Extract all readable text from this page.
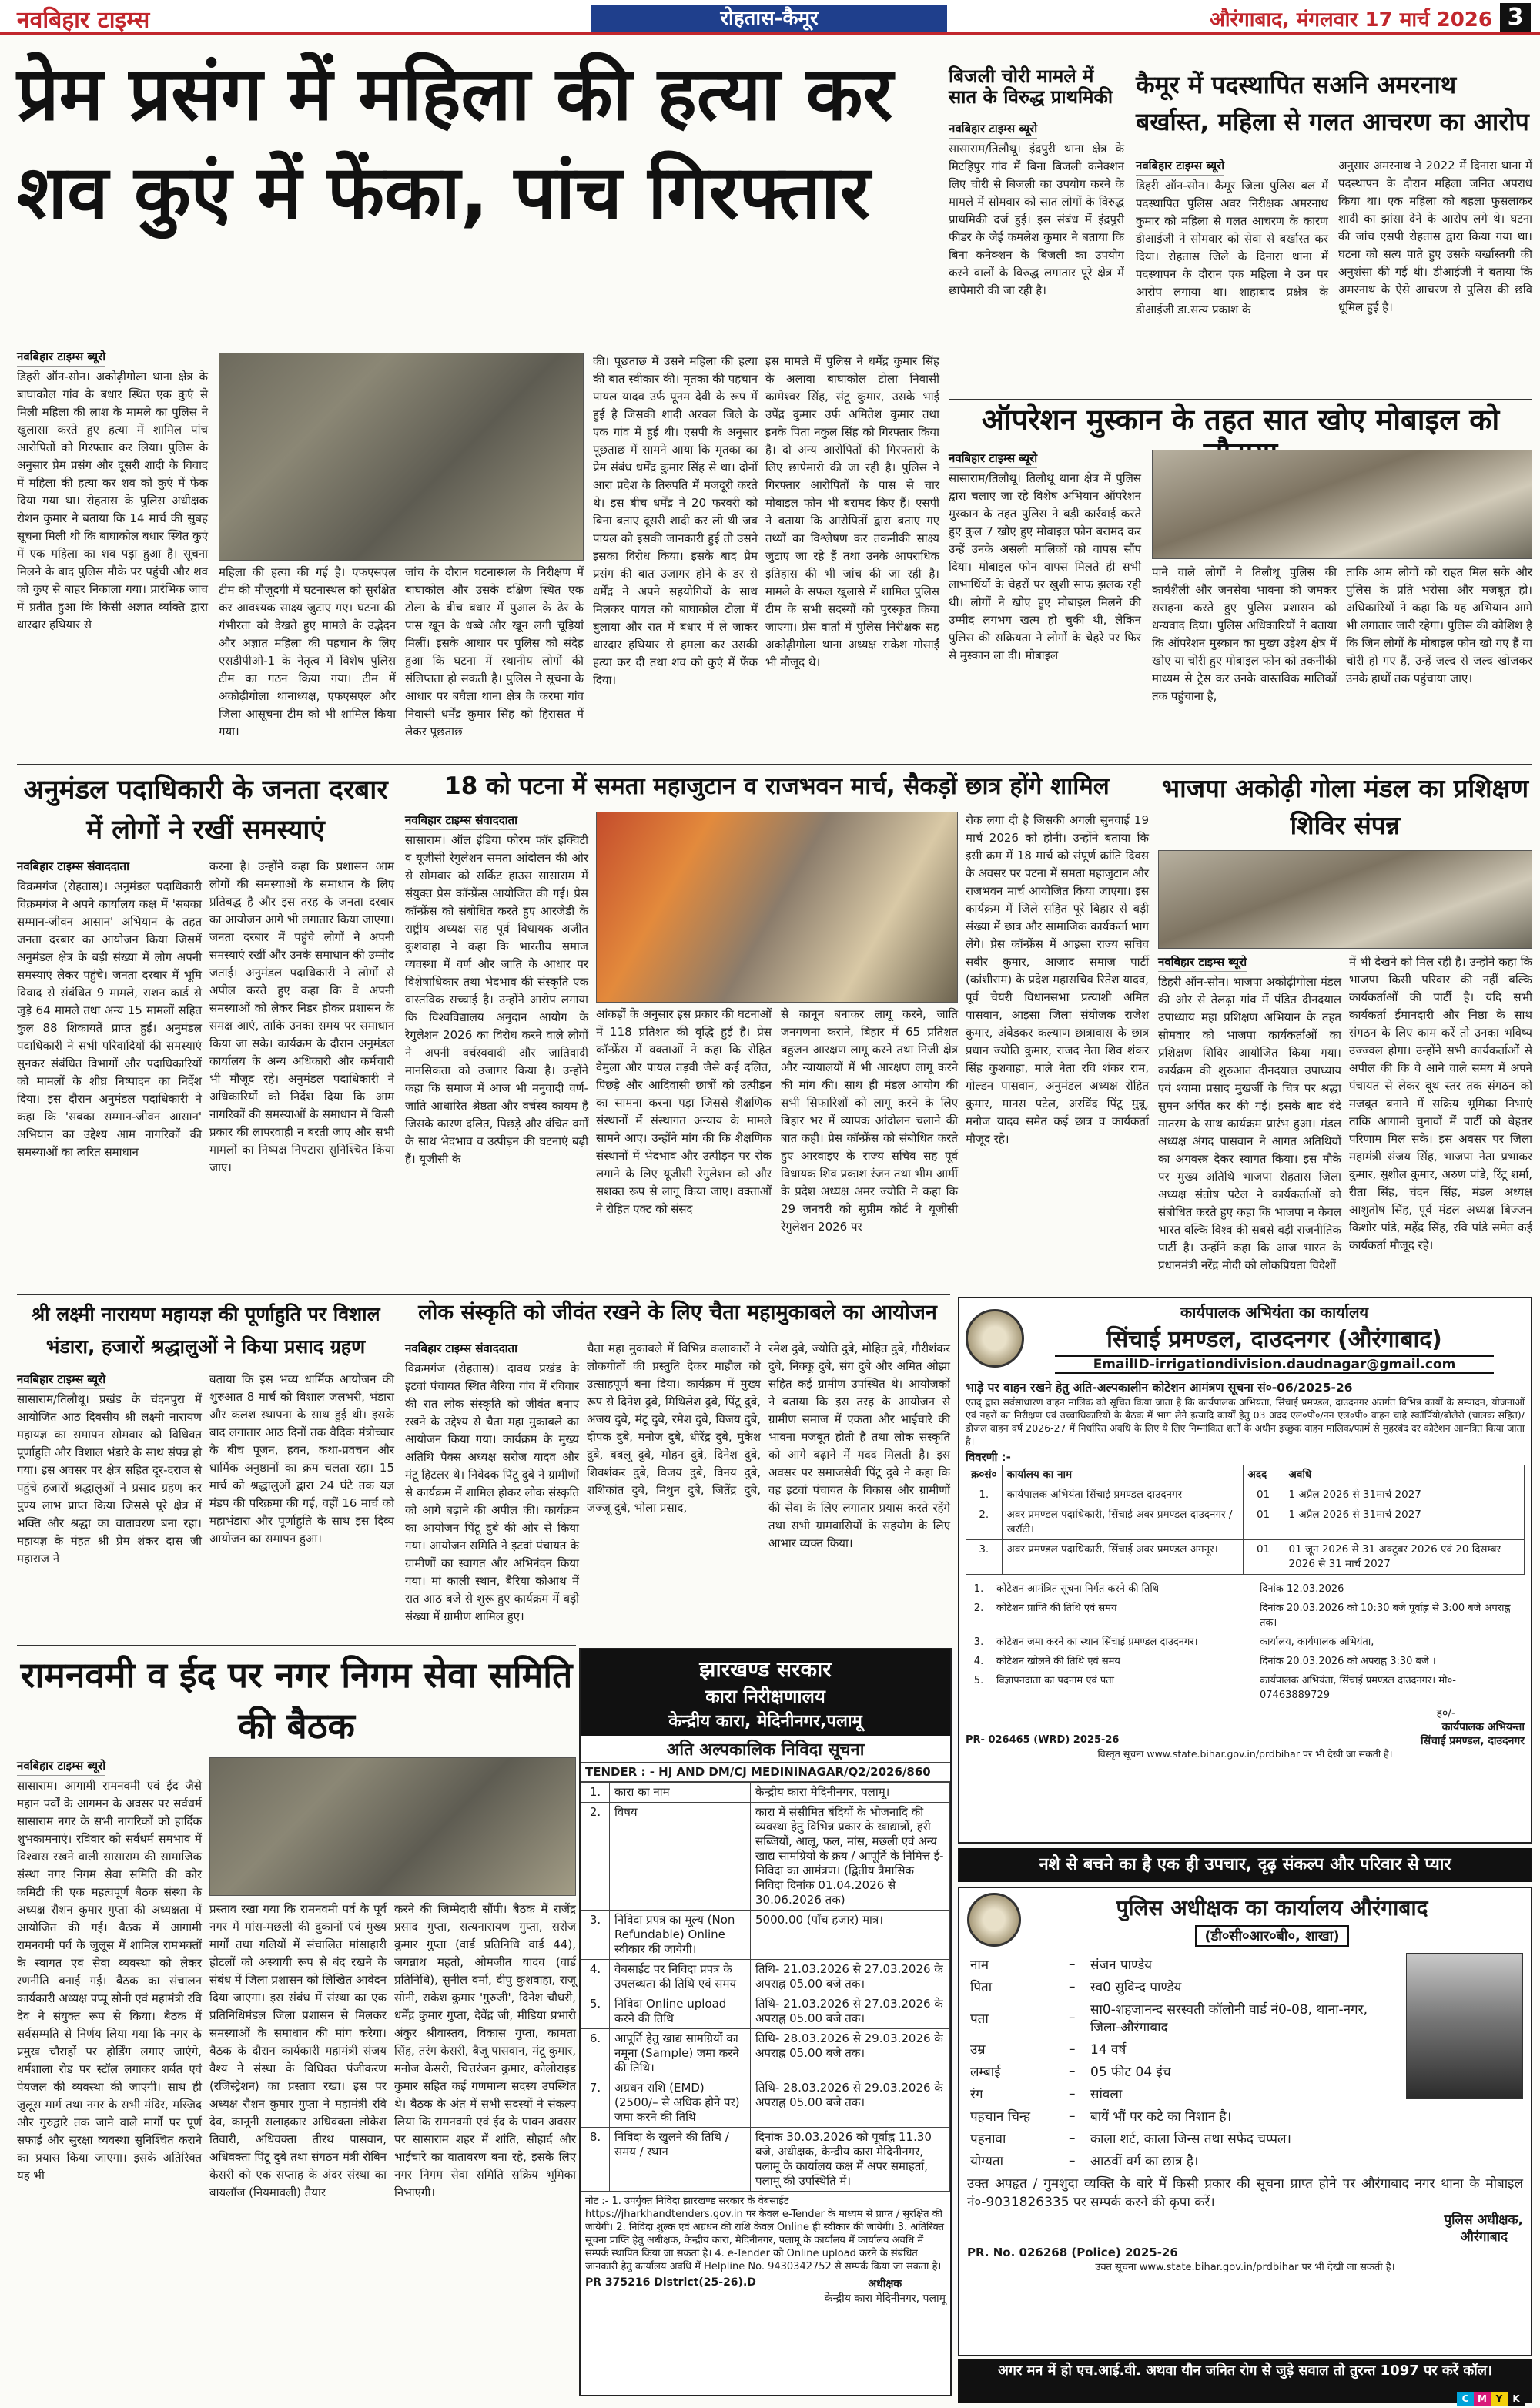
नवबिहार टाइम्स	रोहतास-कैमूर	औरंगाबाद, मंगलवार 17 मार्च 2026 3
प्रेम प्रसंग में महिला की हत्या कर शव कुएं में फेंका, पांच गिरफ्तार
नवबिहार टाइम्स ब्यूरो
डिहरी ऑन-सोन। अकोढ़ीगोला थाना क्षेत्र के बाघाकोल गांव के बधार स्थित एक कुएं से मिली महिला की लाश के मामले का पुलिस ने खुलासा करते हुए हत्या में शामिल पांच आरोपितों को गिरफ्तार कर लिया। पुलिस के अनुसार प्रेम प्रसंग और दूसरी शादी के विवाद में महिला की हत्या कर शव को कुएं में फेंक दिया गया था। रोहतास के पुलिस अधीक्षक रोशन कुमार ने बताया कि 14 मार्च की सुबह सूचना मिली थी कि बाघाकोल बधार स्थित कुएं में एक महिला का शव पड़ा हुआ है। सूचना मिलने के बाद पुलिस मौके पर पहुंची और शव को कुएं से बाहर निकाला गया। प्रारंभिक जांच में प्रतीत हुआ कि किसी अज्ञात व्यक्ति द्वारा धारदार हथियार से
महिला की हत्या की गई है। एफएसएल टीम की मौजूदगी में घटनास्थल को सुरक्षित कर आवश्यक साक्ष्य जुटाए गए। घटना की गंभीरता को देखते हुए मामले के उद्भेदन और अज्ञात महिला की पहचान के लिए एसडीपीओ-1 के नेतृत्व में विशेष पुलिस टीम का गठन किया गया। टीम में अकोढ़ीगोला थानाध्यक्ष, एफएसएल और जिला आसूचना टीम को भी शामिल किया गया।
जांच के दौरान घटनास्थल के निरीक्षण में बाघाकोल और उसके दक्षिण स्थित एक टोला के बीच बधार में पुआल के ढेर के पास खून के धब्बे और खून लगी चूड़ियां मिलीं। इसके आधार पर पुलिस को संदेह हुआ कि घटना में स्थानीय लोगों की संलिप्तता हो सकती है। पुलिस ने सूचना के आधार पर बघैला थाना क्षेत्र के करमा गांव निवासी धर्मेंद्र कुमार सिंह को हिरासत में लेकर पूछताछ
की। पूछताछ में उसने महिला की हत्या की बात स्वीकार की। मृतका की पहचान पायल यादव उर्फ पूनम देवी के रूप में हुई है जिसकी शादी अरवल जिले के एक गांव में हुई थी। एसपी के अनुसार पूछताछ में सामने आया कि मृतका का प्रेम संबंध धर्मेंद्र कुमार सिंह से था। दोनों आरा प्रदेश के तिरुपति में मजदूरी करते थे। इस बीच धर्मेंद्र ने 20 फरवरी को बिना बताए दूसरी शादी कर ली थी जब पायल को इसकी जानकारी हुई तो उसने इसका विरोध किया। इसके बाद प्रेम प्रसंग की बात उजागर होने के डर से धर्मेंद्र ने अपने सहयोगियों के साथ मिलकर पायल को बाघाकोल टोला में बुलाया और रात में बधार में ले जाकर धारदार हथियार से हमला कर उसकी हत्या कर दी तथा शव को कुएं में फेंक दिया।
इस मामले में पुलिस ने धर्मेंद्र कुमार सिंह के अलावा बाघाकोल टोला निवासी कामेश्वर सिंह, संटू कुमार, उसके भाई उपेंद्र कुमार उर्फ अमितेश कुमार तथा इनके पिता नकुल सिंह को गिरफ्तार किया है। दो अन्य आरोपितों की गिरफ्तारी के लिए छापेमारी की जा रही है। पुलिस ने गिरफ्तार आरोपितों के पास से चार मोबाइल फोन भी बरामद किए हैं। एसपी ने बताया कि आरोपितों द्वारा बताए गए तथ्यों का विश्लेषण कर तकनीकी साक्ष्य जुटाए जा रहे हैं तथा उनके आपराधिक इतिहास की भी जांच की जा रही है। मामले के सफल खुलासे में शामिल पुलिस टीम के सभी सदस्यों को पुरस्कृत किया जाएगा। प्रेस वार्ता में पुलिस निरीक्षक सह अकोढ़ीगोला थाना अध्यक्ष राकेश गोसाईं भी मौजूद थे।
बिजली चोरी मामले में सात के विरुद्ध प्राथमिकी
नवबिहार टाइम्स ब्यूरो
सासाराम/तिलौथू। इंद्रपुरी थाना क्षेत्र के मिटहिपुर गांव में बिना बिजली कनेक्शन लिए चोरी से बिजली का उपयोग करने के मामले में सोमवार को सात लोगों के विरुद्ध प्राथमिकी दर्ज हुई। इस संबंध में इंद्रपुरी फीडर के जेई कमलेश कुमार ने बताया कि बिना कनेक्शन के बिजली का उपयोग करने वालों के विरुद्ध लगातार पूरे क्षेत्र में छापेमारी की जा रही है।
कैमूर में पदस्थापित सअनि अमरनाथ बर्खास्त, महिला से गलत आचरण का आरोप
नवबिहार टाइम्स ब्यूरो
डिहरी ऑन-सोन। कैमूर जिला पुलिस बल में पदस्थापित पुलिस अवर निरीक्षक अमरनाथ कुमार को महिला से गलत आचरण के कारण डीआईजी ने सोमवार को सेवा से बर्खास्त कर दिया। रोहतास जिले के दिनारा थाना में पदस्थापन के दौरान एक महिला ने उन पर आरोप लगाया था। शाहाबाद प्रक्षेत्र के डीआईजी डा.सत्य प्रकाश के
अनुसार अमरनाथ ने 2022 में दिनारा थाना में पदस्थापन के दौरान महिला जनित अपराध किया था। एक महिला को बहला फुसलाकर शादी का झांसा देने के आरोप लगे थे। घटना की जांच एसपी रोहतास द्वारा किया गया था। घटना को सत्य पाते हुए उसके बर्खास्तगी की अनुशंसा की गई थी। डीआईजी ने बताया कि अमरनाथ के ऐसे आचरण से पुलिस की छवि धूमिल हुई है।
ऑपरेशन मुस्कान के तहत सात खोए मोबाइल को
नवबिहार टाइम्स ब्यूरो
सासाराम/तिलौथू। तिलौथू थाना क्षेत्र में पुलिस द्वारा चलाए जा रहे विशेष अभियान ऑपरेशन मुस्कान के तहत पुलिस ने बड़ी कार्रवाई करते हुए कुल 7 खोए हुए मोबाइल फोन बरामद कर उन्हें उनके असली मालिकों को वापस सौंप दिया। मोबाइल फोन वापस मिलते ही सभी लाभार्थियों के चेहरों पर खुशी साफ झलक रही थी। लोगों ने खोए हुए मोबाइल मिलने की उम्मीद लगभग खत्म हो चुकी थी, लेकिन पुलिस की सक्रियता ने लोगों के चेहरे पर फिर से मुस्कान ला दी। मोबाइल
पाने वाले लोगों ने तिलौथू पुलिस की कार्यशैली और जनसेवा भावना की जमकर सराहना करते हुए पुलिस प्रशासन को धन्यवाद दिया। पुलिस अधिकारियों ने बताया कि ऑपरेशन मुस्कान का मुख्य उद्देश्य क्षेत्र में खोए या चोरी हुए मोबाइल फोन को तकनीकी माध्यम से ट्रेस कर उनके वास्तविक मालिकों तक पहुंचाना है,
ताकि आम लोगों को राहत मिल सके और पुलिस के प्रति भरोसा और मजबूत हो। अधिकारियों ने कहा कि यह अभियान आगे भी लगातार जारी रहेगा। पुलिस की कोशिश है कि जिन लोगों के मोबाइल फोन खो गए हैं या चोरी हो गए हैं, उन्हें जल्द से जल्द खोजकर उनके हाथों तक पहुंचाया जाए।
अनुमंडल पदाधिकारी के जनता दरबार में लोगों ने रखीं समस्याएं
नवबिहार टाइम्स संवाददाता
विक्रमगंज (रोहतास)। अनुमंडल पदाधिकारी विक्रमगंज ने अपने कार्यालय कक्ष में 'सबका सम्मान-जीवन आसान' अभियान के तहत जनता दरबार का आयोजन किया जिसमें अनुमंडल क्षेत्र के बड़ी संख्या में लोग अपनी समस्याएं लेकर पहुंचे। जनता दरबार में भूमि विवाद से संबंधित 9 मामले, राशन कार्ड से जुड़े 64 मामले तथा अन्य 15 मामलों सहित कुल 88 शिकायतें प्राप्त हुईं। अनुमंडल पदाधिकारी ने सभी परिवादियों की समस्याएं सुनकर संबंधित विभागों और पदाधिकारियों को मामलों के शीघ्र निष्पादन का निर्देश दिया। इस दौरान अनुमंडल पदाधिकारी ने कहा कि 'सबका सम्मान-जीवन आसान' अभियान का उद्देश्य आम नागरिकों की समस्याओं का त्वरित समाधान
करना है। उन्होंने कहा कि प्रशासन आम लोगों की समस्याओं के समाधान के लिए प्रतिबद्ध है और इस तरह के जनता दरबार का आयोजन आगे भी लगातार किया जाएगा। जनता दरबार में पहुंचे लोगों ने अपनी समस्याएं रखीं और उनके समाधान की उम्मीद जताई। अनुमंडल पदाधिकारी ने लोगों से अपील करते हुए कहा कि वे अपनी समस्याओं को लेकर निडर होकर प्रशासन के समक्ष आएं, ताकि उनका समय पर समाधान किया जा सके। कार्यक्रम के दौरान अनुमंडल कार्यालय के अन्य अधिकारी और कर्मचारी भी मौजूद रहे। अनुमंडल पदाधिकारी ने अधिकारियों को निर्देश दिया कि आम नागरिकों की समस्याओं के समाधान में किसी प्रकार की लापरवाही न बरती जाए और सभी मामलों का निष्पक्ष निपटारा सुनिश्चित किया जाए।
18 को पटना में समता महाजुटान व राजभवन मार्च, सैकड़ों छात्र होंगे शामिल
नवबिहार टाइम्स संवाददाता
सासाराम। ऑल इंडिया फोरम फॉर इक्विटी व यूजीसी रेगुलेशन समता आंदोलन की ओर से सोमवार को सर्किट हाउस सासाराम में संयुक्त प्रेस कॉन्फ्रेंस आयोजित की गई। प्रेस कॉन्फ्रेंस को संबोधित करते हुए आरजेडी के राष्ट्रीय अध्यक्ष सह पूर्व विधायक अजीत कुशवाहा ने कहा कि भारतीय समाज व्यवस्था में वर्ण और जाति के आधार पर विशेषाधिकार तथा भेदभाव की संस्कृति एक वास्तविक सच्चाई है। उन्होंने आरोप लगाया कि विश्वविद्यालय अनुदान आयोग के रेगुलेशन 2026 का विरोध करने वाले लोगों ने अपनी वर्चस्ववादी और जातिवादी मानसिकता को उजागर किया है। उन्होंने कहा कि समाज में आज भी मनुवादी वर्ण-जाति आधारित श्रेष्ठता और वर्चस्व कायम है जिसके कारण दलित, पिछड़े और वंचित वर्गों के साथ भेदभाव व उत्पीड़न की घटनाएं बढ़ी हैं। यूजीसी के
आंकड़ों के अनुसार इस प्रकार की घटनाओं में 118 प्रतिशत की वृद्धि हुई है। प्रेस कॉन्फ्रेंस में वक्ताओं ने कहा कि रोहित वेमुला और पायल तड़वी जैसे कई दलित, पिछड़े और आदिवासी छात्रों को उत्पीड़न का सामना करना पड़ा जिससे शैक्षणिक संस्थानों में संस्थागत अन्याय के मामले सामने आए। उन्होंने मांग की कि शैक्षणिक संस्थानों में भेदभाव और उत्पीड़न पर रोक लगाने के लिए यूजीसी रेगुलेशन को और सशक्त रूप से लागू किया जाए। वक्ताओं ने रोहित एक्ट को संसद
से कानून बनाकर लागू करने, जाति जनगणना कराने, बिहार में 65 प्रतिशत बहुजन आरक्षण लागू करने तथा निजी क्षेत्र और न्यायालयों में भी आरक्षण लागू करने की मांग की। साथ ही मंडल आयोग की सभी सिफारिशों को लागू करने के लिए बिहार भर में व्यापक आंदोलन चलाने की बात कही। प्रेस कॉन्फ्रेंस को संबोधित करते हुए आरवाइए के राज्य सचिव सह पूर्व विधायक शिव प्रकाश रंजन तथा भीम आर्मी के प्रदेश अध्यक्ष अमर ज्योति ने कहा कि 29 जनवरी को सुप्रीम कोर्ट ने यूजीसी रेगुलेशन 2026 पर
रोक लगा दी है जिसकी अगली सुनवाई 19 मार्च 2026 को होनी। उन्होंने बताया कि इसी क्रम में 18 मार्च को संपूर्ण क्रांति दिवस के अवसर पर पटना में समता महाजुटान और राजभवन मार्च आयोजित किया जाएगा। इस कार्यक्रम में जिले सहित पूरे बिहार से बड़ी संख्या में छात्र और सामाजिक कार्यकर्ता भाग लेंगे। प्रेस कॉन्फ्रेंस में आइसा राज्य सचिव सबीर कुमार, आजाद समाज पार्टी (कांशीराम) के प्रदेश महासचिव रितेश यादव, पूर्व चेयरी विधानसभा प्रत्याशी अमित पासवान, आइसा जिला संयोजक राजेश कुमार, अंबेडकर कल्याण छात्रावास के छात्र प्रधान ज्योति कुमार, राजद नेता शिव शंकर सिंह कुशवाहा, माले नेता रवि शंकर राम, गोल्डन पासवान, अनुमंडल अध्यक्ष रोहित कुमार, मानस पटेल, अरविंद पिंटू मुन्नू, मनोज यादव समेत कई छात्र व कार्यकर्ता मौजूद रहे।
भाजपा अकोढ़ी गोला मंडल का प्रशिक्षण शिविर संपन्न
नवबिहार टाइम्स ब्यूरो
डिहरी ऑन-सोन। भाजपा अकोढ़ीगोला मंडल की ओर से तेलढ़ा गांव में पंडित दीनदयाल उपाध्याय महा प्रशिक्षण अभियान के तहत सोमवार को भाजपा कार्यकर्ताओं का प्रशिक्षण शिविर आयोजित किया गया। कार्यक्रम की शुरुआत दीनदयाल उपाध्याय एवं श्यामा प्रसाद मुखर्जी के चित्र पर श्रद्धा सुमन अर्पित कर की गई। इसके बाद वंदे मातरम के साथ कार्यक्रम प्रारंभ हुआ। मंडल अध्यक्ष अंगद पासवान ने आगत अतिथियों का अंगवस्त्र देकर स्वागत किया। इस मौके पर मुख्य अतिथि भाजपा रोहतास जिला अध्यक्ष संतोष पटेल ने कार्यकर्ताओं को संबोधित करते हुए कहा कि भाजपा न केवल भारत बल्कि विश्व की सबसे बड़ी राजनीतिक पार्टी है। उन्होंने कहा कि आज भारत के प्रधानमंत्री नरेंद्र मोदी को लोकप्रियता विदेशों
में भी देखने को मिल रही है। उन्होंने कहा कि भाजपा किसी परिवार की नहीं बल्कि कार्यकर्ताओं की पार्टी है। यदि सभी कार्यकर्ता ईमानदारी और निष्ठा के साथ संगठन के लिए काम करें तो उनका भविष्य उज्ज्वल होगा। उन्होंने सभी कार्यकर्ताओं से अपील की कि वे आने वाले समय में अपने पंचायत से लेकर बूथ स्तर तक संगठन को मजबूत बनाने में सक्रिय भूमिका निभाएं ताकि आगामी चुनावों में पार्टी को बेहतर परिणाम मिल सके। इस अवसर पर जिला महामंत्री संजय सिंह, भाजपा नेता प्रभाकर कुमार, सुशील कुमार, अरुण पांडे, रिंटू शर्मा, रीता सिंह, चंदन सिंह, मंडल अध्यक्ष आशुतोष सिंह, पूर्व मंडल अध्यक्ष बिज्जन किशोर पांडे, महेंद्र सिंह, रवि पांडे समेत कई कार्यकर्ता मौजूद रहे।
श्री लक्ष्मी नारायण महायज्ञ की पूर्णाहुति पर विशाल भंडारा, हजारों श्रद्धालुओं ने किया प्रसाद ग्रहण
नवबिहार टाइम्स ब्यूरो
सासाराम/तिलौथू। प्रखंड के चंदनपुरा में आयोजित आठ दिवसीय श्री लक्ष्मी नारायण महायज्ञ का समापन सोमवार को विधिवत पूर्णाहुति और विशाल भंडारे के साथ संपन्न हो गया। इस अवसर पर क्षेत्र सहित दूर-दराज से पहुंचे हजारों श्रद्धालुओं ने प्रसाद ग्रहण कर पुण्य लाभ प्राप्त किया जिससे पूरे क्षेत्र में भक्ति और श्रद्धा का वातावरण बना रहा। महायज्ञ के मंहत श्री प्रेम शंकर दास जी महाराज ने
बताया कि इस भव्य धार्मिक आयोजन की शुरुआत 8 मार्च को विशाल जलभरी, भंडारा और कलश स्थापना के साथ हुई थी। इसके बाद लगातार आठ दिनों तक वैदिक मंत्रोच्चार के बीच पूजन, हवन, कथा-प्रवचन और धार्मिक अनुष्ठानों का क्रम चलता रहा। 15 मार्च को श्रद्धालुओं द्वारा 24 घंटे तक यज्ञ मंडप की परिक्रमा की गई, वहीं 16 मार्च को महाभंडारा और पूर्णाहुति के साथ इस दिव्य आयोजन का समापन हुआ।
लोक संस्कृति को जीवंत रखने के लिए चैता महामुकाबले का आयोजन
नवबिहार टाइम्स संवाददाता
विक्रमगंज (रोहतास)। दावथ प्रखंड के इटवां पंचायत स्थित बैरिया गांव में रविवार की रात लोक संस्कृति को जीवंत बनाए रखने के उद्देश्य से चैता महा मुकाबले का आयोजन किया गया। कार्यक्रम के मुख्य अतिथि पैक्स अध्यक्ष सरोज यादव और मंटू हिटलर थे। निवेदक पिंटू दुबे ने ग्रामीणों से कार्यक्रम में शामिल होकर लोक संस्कृति को आगे बढ़ाने की अपील की। कार्यक्रम का आयोजन पिंटू दुबे की ओर से किया गया। आयोजन समिति ने इटवां पंचायत के ग्रामीणों का स्वागत और अभिनंदन किया गया। मां काली स्थान, बैरिया कोआथ में रात आठ बजे से शुरू हुए कार्यक्रम में बड़ी संख्या में ग्रामीण शामिल हुए।
चैता महा मुकाबले में विभिन्न कलाकारों ने लोकगीतों की प्रस्तुति देकर माहौल को उत्साहपूर्ण बना दिया। कार्यक्रम में मुख्य रूप से दिनेश दुबे, मिथिलेश दुबे, पिंटू दुबे, अजय दुबे, मंटू दुबे, रमेश दुबे, विजय दुबे, दीपक दुबे, मनोज दुबे, धीरेंद्र दुबे, मुकेश दुबे, बबलू दुबे, मोहन दुबे, दिनेश दुबे, शिवशंकर दुबे, विजय दुबे, विनय दुबे, शशिकांत दुबे, मिथुन दुबे, जितेंद्र दुबे, जज्जू दुबे, भोला प्रसाद,
रमेश दुबे, ज्योति दुबे, मोहित दुबे, गौरीशंकर दुबे, निक्कू दुबे, संग दुबे और अमित ओझा सहित कई ग्रामीण उपस्थित थे। आयोजकों ने बताया कि इस तरह के आयोजन से ग्रामीण समाज में एकता और भाईचारे की भावना मजबूत होती है तथा लोक संस्कृति को आगे बढ़ाने में मदद मिलती है। इस अवसर पर समाजसेवी पिंटू दुबे ने कहा कि वह इटवां पंचायत के विकास और ग्रामीणों की सेवा के लिए लगातार प्रयास करते रहेंगे तथा सभी ग्रामवासियों के सहयोग के लिए आभार व्यक्त किया।
रामनवमी व ईद पर नगर निगम सेवा समिति की बैठक
नवबिहार टाइम्स ब्यूरो
सासाराम। आगामी रामनवमी एवं ईद जैसे महान पर्वों के आगमन के अवसर पर सर्वधर्म सासाराम नगर के सभी नागरिकों को हार्दिक शुभकामनाएं। रविवार को सर्वधर्म समभाव में विश्वास रखने वाली सासाराम की सामाजिक संस्था नगर निगम सेवा समिति की कोर कमिटी की एक महत्वपूर्ण बैठक संस्था के अध्यक्ष रौशन कुमार गुप्ता की अध्यक्षता में आयोजित की गई। बैठक में आगामी रामनवमी पर्व के जुलूस में शामिल रामभक्तों के स्वागत एवं सेवा व्यवस्था को लेकर रणनीति बनाई गई। बैठक का संचालन कार्यकारी अध्यक्ष पप्पू सोनी एवं महामंत्री रवि देव ने संयुक्त रूप से किया। बैठक में सर्वसम्मति से निर्णय लिया गया कि नगर के प्रमुख चौराहों पर होर्डिंग लगाए जाएंगे, धर्मशाला रोड पर स्टॉल लगाकर शर्बत एवं पेयजल की व्यवस्था की जाएगी। साथ ही जुलूस मार्ग तथा नगर के सभी मंदिर, मस्जिद और गुरुद्वारे तक जाने वाले मार्गों पर पूर्ण सफाई और सुरक्षा व्यवस्था सुनिश्चित कराने का प्रयास किया जाएगा। इसके अतिरिक्त यह भी
प्रस्ताव रखा गया कि रामनवमी पर्व के पूर्व नगर में मांस-मछली की दुकानों एवं मुख्य मार्गों तथा गलियों में संचालित मांसाहारी होटलों को अस्थायी रूप से बंद रखने के संबंध में जिला प्रशासन को लिखित आवेदन दिया जाएगा। इस संबंध में संस्था का एक प्रतिनिधिमंडल जिला प्रशासन से मिलकर समस्याओं के समाधान की मांग करेगा। बैठक के दौरान कार्यकारी महामंत्री संजय वैश्य ने संस्था के विधिवत पंजीकरण (रजिस्ट्रेशन) का प्रस्ताव रखा। इस पर अध्यक्ष रौशन कुमार गुप्ता ने महामंत्री रवि देव, कानूनी सलाहकार अधिवक्ता लोकेश तिवारी, अधिवक्ता तीरथ पासवान, अधिवक्ता पिंटू दुबे तथा संगठन मंत्री रोबिन केसरी को एक सप्ताह के अंदर संस्था का बायलॉज (नियमावली) तैयार
करने की जिम्मेदारी सौंपी। बैठक में राजेंद्र प्रसाद गुप्ता, सत्यनारायण गुप्ता, सरोज कुमार गुप्ता (वार्ड प्रतिनिधि वार्ड 44), जगन्नाथ महतो, ओमजीत यादव (वार्ड प्रतिनिधि), सुनील वर्मा, दीपु कुशवाहा, राजू सोनी, राकेश कुमार 'गुरुजी', दिनेश चौधरी, धर्मेंद्र कुमार गुप्ता, देवेंद्र जी, मीडिया प्रभारी अंकुर श्रीवास्तव, विकास गुप्ता, कामता सिंह, तरंग केसरी, बैजू पासवान, मंटू कुमार, मनोज केसरी, चित्तरंजन कुमार, कोलोराइड कुमार सहित कई गणमान्य सदस्य उपस्थित थे। बैठक के अंत में सभी सदस्यों ने संकल्प लिया कि रामनवमी एवं ईद के पावन अवसर पर सासाराम शहर में शांति, सौहार्द और भाईचारे का वातावरण बना रहे, इसके लिए नगर निगम सेवा समिति सक्रिय भूमिका निभाएगी।
झारखण्ड सरकार
कारा निरीक्षणालय
केन्द्रीय कारा, मेदिनीनगर,पलामू
अति अल्पकालिक निविदा सूचना
TENDER : - HJ AND DM/CJ MEDININAGAR/Q2/2026/860
1.	कारा का नाम	केन्द्रीय कारा मेदिनीनगर, पलामू।
2.	विषय	कारा में संसीमित बंदियों के भोजनादि की व्यवस्था हेतु विभिन्न प्रकार के खाद्यान्नों, हरी सब्जियों, आलू, फल, मांस, मछली एवं अन्य खाद्य सामग्रियों के क्रय / आपूर्ति के निमित्त ई-निविदा का आमंत्रण। (द्वितीय त्रैमासिक निविदा दिनांक 01.04.2026 से 30.06.2026 तक)
3.	निविदा प्रपत्र का मूल्य (Non Refundable) Online स्वीकार की जायेगी।	5000.00 (पाँच हजार) मात्र।
4.	वेबसाईट पर निविदा प्रपत्र के उपलब्धता की तिथि एवं समय	तिथि- 21.03.2026 से 27.03.2026 के अपराह्न 05.00 बजे तक।
5.	निविदा Online upload करने की तिथि	तिथि- 21.03.2026 से 27.03.2026 के अपराह्न 05.00 बजे तक।
6.	आपूर्ति हेतु खाद्य सामग्रियों का नमूना (Sample) जमा करने की तिथि।	तिथि- 28.03.2026 से 29.03.2026 के अपराह्न 05.00 बजे तक।
7.	अग्रधन राशि (EMD) (2500/– से अधिक होने पर) जमा करने की तिथि	तिथि- 28.03.2026 से 29.03.2026 के अपराह्न 05.00 बजे तक।
8.	निविदा के खुलने की तिथि / समय / स्थान	दिनांक 30.03.2026 को पूर्वाह्न 11.30 बजे, अधीक्षक, केन्द्रीय कारा मेदिनीनगर, पलामू के कार्यालय कक्ष में अपर समाहर्ता, पलामू की उपस्थिति में।
नोट :- 1. उपर्युक्त निविदा झारखण्ड सरकार के वेबसाईट https://jharkhandtenders.gov.in पर केवल e-Tender के माध्यम से प्राप्त / सुरक्षित की जायेगी। 2. निविदा शुल्क एवं अग्रधन की राशि केवल Online ही स्वीकार की जायेगी। 3. अतिरिक्त सूचना प्राप्ति हेतु अधीक्षक, केन्द्रीय कारा, मेदिनीनगर, पलामू के कार्यालय में कार्यालय अवधि में सम्पर्क स्थापित किया जा सकता है। 4. e-Tender को Online upload करने के संबंधित जानकारी हेतु कार्यालय अवधि में Helpline No. 9430342752 से सम्पर्क किया जा सकता है।
PR 375216 District(25-26).D	अधीक्षक
केन्द्रीय कारा मेदिनीनगर, पलामू
कार्यपालक अभियंता का कार्यालय
सिंचाई प्रमण्डल, दाउदनगर (औरंगाबाद)
EmailID-irrigationdivision.daudnagar@gmail.com
भाड़े पर वाहन रखने हेतु अति-अल्पकालीन कोटेशन आमंत्रण सूचना सं०-06/2025-26
एतद् द्वारा सर्वसाधारण वाहन मालिक को सूचित किया जाता है कि कार्यपालक अभियंता, सिंचाई प्रमण्डल, दाउदनगर अंतर्गत विभिन्न कार्यों के सम्पादन, योजनाओं एवं नहरों का निरीक्षण एवं उच्चाधिकारियों के बैठक में भाग लेने इत्यादि कार्यों हेतु 03 अदद एल०पी०/नन एल०पी० वाहन चाहे स्कॉर्पियो/बोलेरो (चालक सहित)/डीजल वाहन वर्ष 2026-27 में निर्धारित अवधि के लिए ये लिए निम्नांकित शर्तों के अधीन इच्छुक वाहन मालिक/फार्म से मुहरबंद दर कोटेशन आमंत्रित किया जाता है।
विवरणी :-
क्र०सं०	कार्यालय का नाम	अदद	अवधि
1.	कार्यपालक अभियंता सिंचाई प्रमण्डल दाउदनगर	01	1 अप्रैल 2026 से 31मार्च 2027
2.	अवर प्रमण्डल पदाधिकारी, सिंचाई अवर प्रमण्डल दाउदनगर / खरॉटी।	01	1 अप्रैल 2026 से 31मार्च 2027
3.	अवर प्रमण्डल पदाधिकारी, सिंचाई अवर प्रमण्डल अगनूर।	01	01 जून 2026 से 31 अक्टूबर 2026 एवं 20 दिसम्बर 2026 से 31 मार्च 2027
1.	कोटेशन आमंत्रित सूचना निर्गत करने की तिथि	दिनांक 12.03.2026
2.	कोटेशन प्राप्ति की तिथि एवं समय	दिनांक 20.03.2026 को 10:30 बजे पूर्वाह्न से 3:00 बजे अपराह्न तक।
3.	कोटेशन जमा करने का स्थान सिंचाई प्रमण्डल दाउदनगर।	कार्यालय, कार्यपालक अभियंता,
4.	कोटेशन खोलने की तिथि एवं समय	दिनांक 20.03.2026 को अपराह्न 3:30 बजे ।
5.	विज्ञापनदाता का पदनाम एवं पता	कार्यपालक अभियंता, सिंचाई प्रमण्डल दाउदनगर। मो०- 07463889729
ह०/-
कार्यपालक अभियन्ता
सिंचाई प्रमण्डल, दाउदनगर
PR- 026465 (WRD) 2025-26
विस्तृत सूचना www.state.bihar.gov.in/prdbihar पर भी देखी जा सकती है।
नशे से बचने का है एक ही उपचार, दृढ़ संकल्प और परिवार से प्यार
पुलिस अधीक्षक का कार्यालय औरंगाबाद
(डी०सी०आर०बी०, शाखा)
नाम	–	संजन पाण्डेय
पिता	–	स्व0 सुविन्द पाण्डेय
पता	–	सा0-शहजानन्द सरस्वती कॉलोनी वार्ड नं0-08, थाना-नगर, जिला-औरंगाबाद
उम्र	–	14 वर्ष
लम्बाई	–	05 फीट 04 इंच
रंग	–	सांवला
पहचान चिन्ह	–	बायें भौं पर कटे का निशान है।
पहनावा	–	काला शर्ट, काला जिन्स तथा सफेद चप्पल।
योग्यता	–	आठवीं वर्ग का छात्र है।
उक्त अपहृत / गुमशुदा व्यक्ति के बारे में किसी प्रकार की सूचना प्राप्त होने पर औरंगाबाद नगर थाना के मोबाइल नं०-9031826335 पर सम्पर्क करने की कृपा करें।
पुलिस अधीक्षक,
औरंगाबाद
PR. No. 026268 (Police) 2025-26
उक्त सूचना www.state.bihar.gov.in/prdbihar पर भी देखी जा सकती है।
अगर मन में हो एच.आई.वी. अथवा यौन जनित रोग से जुड़े सवाल तो तुरन्त 1097 पर करें कॉल।
C M Y K
